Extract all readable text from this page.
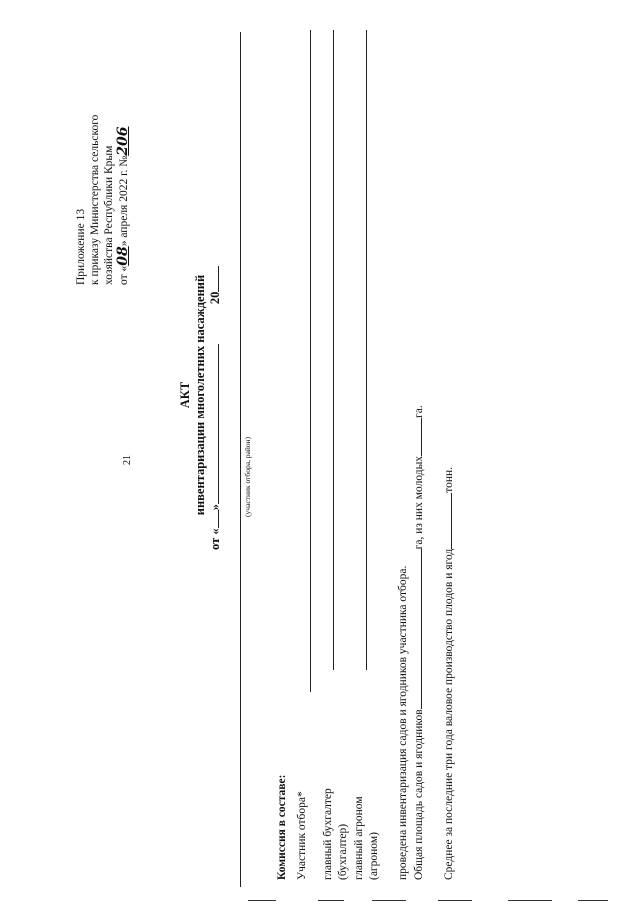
21
Приложение 13 к приказу Министерства сельского хозяйства Республики Крым от «08» апреля 2022 г. №206
АКТ инвентаризации многолетних насаждений
от «»20
(участник отбора, район)
Комиссия в составе: Участник отбора* главный бухгалтер (бухгалтер) главный агроном (агроном) проведена инвентаризация садов и ягодников участника отбора. Общая площадь садов и ягодниковга, из них молодыхга.
Среднее за последние три года валовое производство плодов и ягодтонн.
